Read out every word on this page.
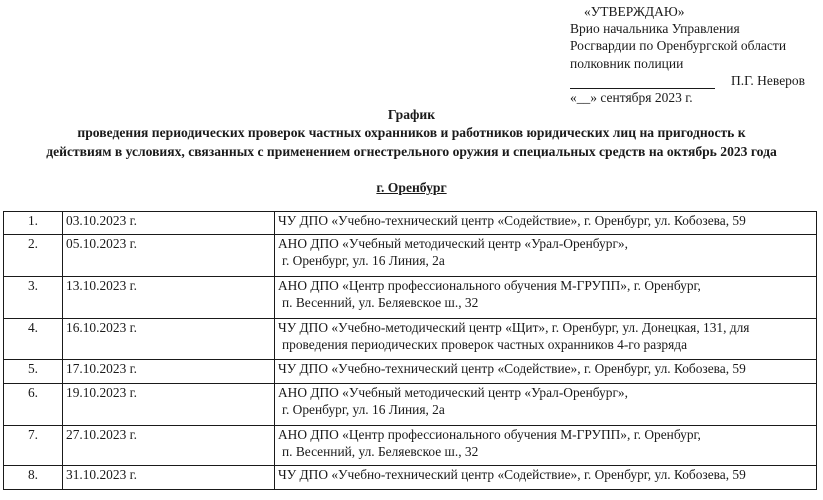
«УТВЕРЖДАЮ»
Врио начальника Управления
Росгвардии по Оренбургской области
полковник полиции
П.Г. Неверов
«__» сентября 2023 г.
График
проведения периодических проверок частных охранников и работников юридических лиц на пригодность к
действиям в условиях, связанных с применением огнестрельного оружия и специальных средств на октябрь 2023 года
г. Оренбург
1.	03.10.2023 г.	ЧУ ДПО «Учебно-технический центр «Содействие», г. Оренбург, ул. Кобозева, 59

2.	05.10.2023 г.	АНО ДПО «Учебный методический центр «Урал-Оренбург»,
г. Оренбург, ул. 16 Линия, 2а

3.	13.10.2023 г.	АНО ДПО «Центр профессионального обучения М-ГРУПП», г. Оренбург,
п. Весенний, ул. Беляевское ш., 32

4.	16.10.2023 г.	ЧУ ДПО «Учебно-методический центр «Щит», г. Оренбург, ул. Донецкая, 131, для
проведения периодических проверок частных охранников 4-го разряда

5.	17.10.2023 г.	ЧУ ДПО «Учебно-технический центр «Содействие», г. Оренбург, ул. Кобозева, 59

6.	19.10.2023 г.	АНО ДПО «Учебный методический центр «Урал-Оренбург»,
г. Оренбург, ул. 16 Линия, 2а

7.	27.10.2023 г.	АНО ДПО «Центр профессионального обучения М-ГРУПП», г. Оренбург,
п. Весенний, ул. Беляевское ш., 32

8.	31.10.2023 г.	ЧУ ДПО «Учебно-технический центр «Содействие», г. Оренбург, ул. Кобозева, 59
